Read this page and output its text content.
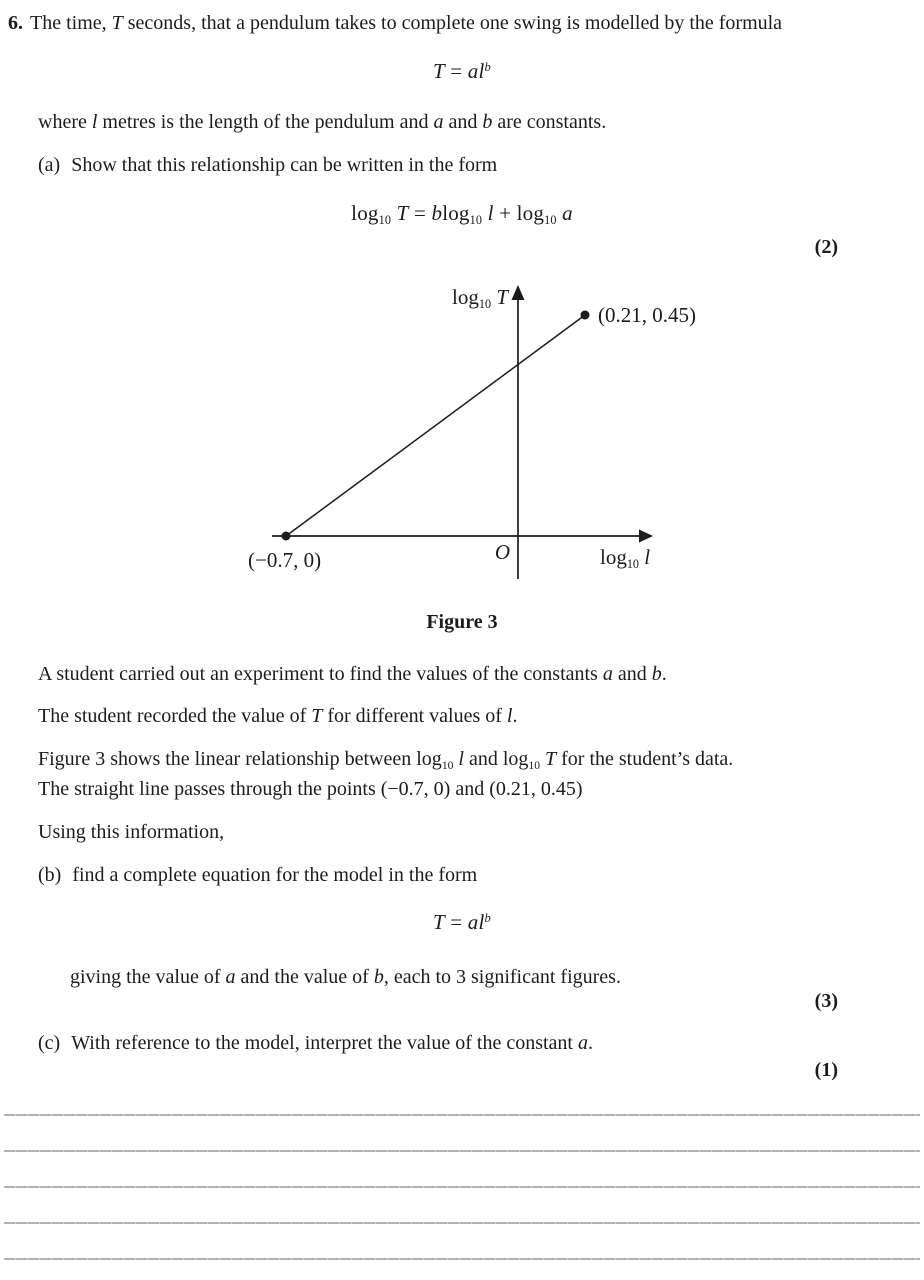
6. The time, T seconds, that a pendulum takes to complete one swing is modelled by the formula
$T = al^b$
where l metres is the length of the pendulum and a and b are constants.
(a) Show that this relationship can be written in the form
log10 T = blog10 l + log10 a
(2)
log10 T
(0.21, 0.45)
O	log10 l
(−0.7, 0)
Figure 3
A student carried out an experiment to find the values of the constants a and b.
The student recorded the value of T for different values of l.
Figure 3 shows the linear relationship between log10 l and log10 T for the student’s data.
The straight line passes through the points (−0.7, 0) and (0.21, 0.45)
Using this information,
(b) find a complete equation for the model in the form
$T = al^b$
giving the value of a and the value of b, each to 3 significant figures.
(3)
(c) With reference to the model, interpret the value of the constant a.
(1)
